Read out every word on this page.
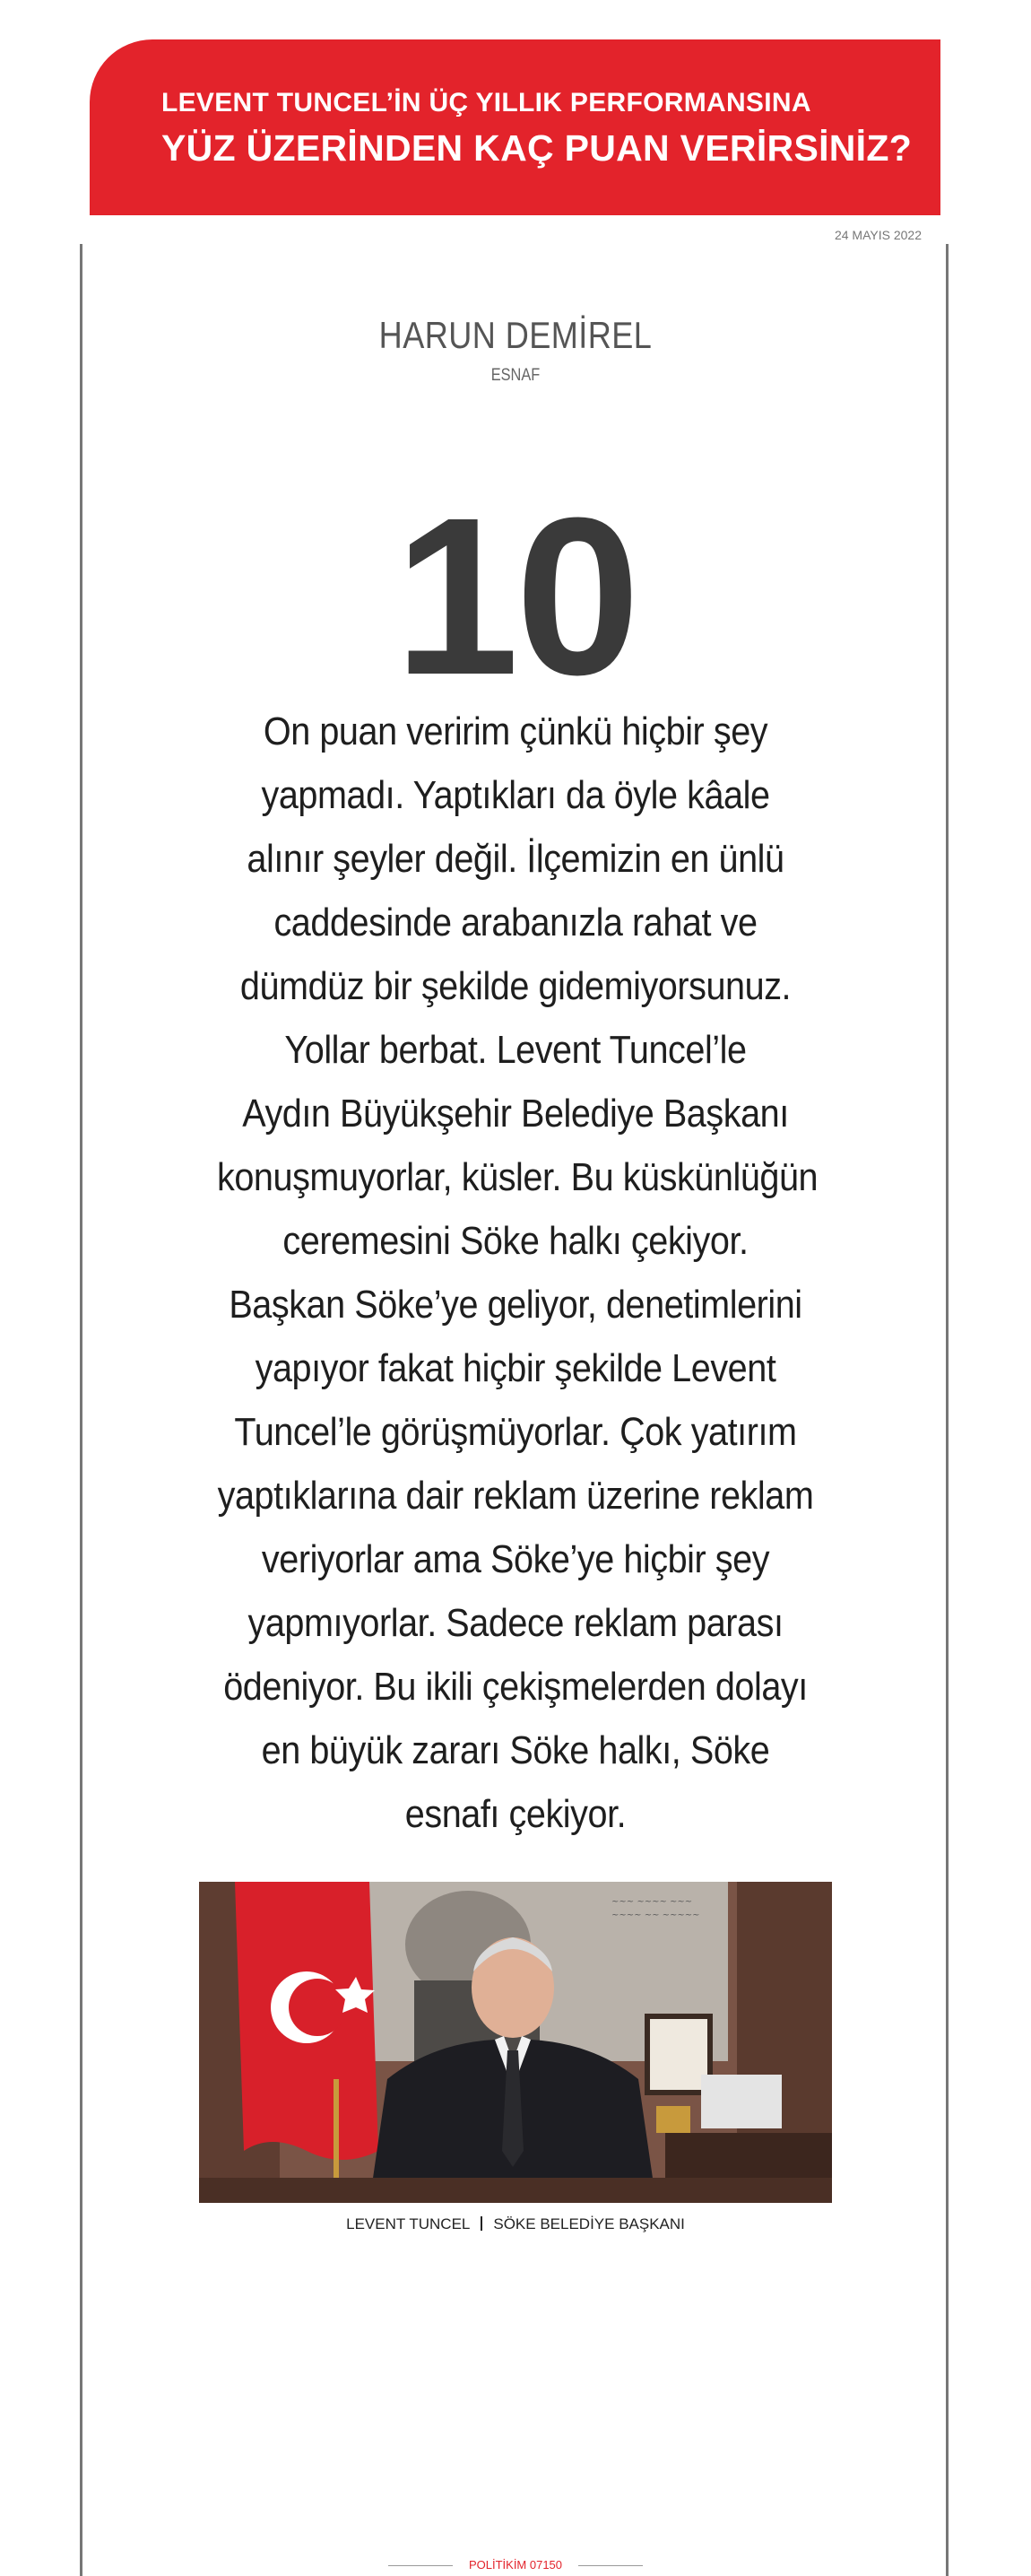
LEVENT TUNCEL’İN ÜÇ YILLIK PERFORMANSINA
YÜZ ÜZERİNDEN KAÇ PUAN VERİRSİNİZ?
24 MAYIS 2022
HARUN DEMİREL
ESNAF
10
On puan veririm çünkü hiçbir şey
yapmadı. Yaptıkları da öyle kâale
alınır şeyler değil. İlçemizin en ünlü
caddesinde arabanızla rahat ve
dümdüz bir şekilde gidemiyorsunuz.
Yollar berbat. Levent Tuncel’le
Aydın Büyükşehir Belediye Başkanı
konuşmuyorlar, küsler. Bu küskünlüğün
ceremesini Söke halkı çekiyor.
Başkan Söke’ye geliyor, denetimlerini
yapıyor fakat hiçbir şekilde Levent
Tuncel’le görüşmüyorlar. Çok yatırım
yaptıklarına dair reklam üzerine reklam
veriyorlar ama Söke’ye hiçbir şey
yapmıyorlar. Sadece reklam parası
ödeniyor. Bu ikili çekişmelerden dolayı
en büyük zararı Söke halkı, Söke
esnafı çekiyor.
~~~ ~~~~ ~~~
~~~~ ~~ ~~~~~
LEVENT TUNCEL SÖKE BELEDİYE BAŞKANI
POLİTİKİM 07150
